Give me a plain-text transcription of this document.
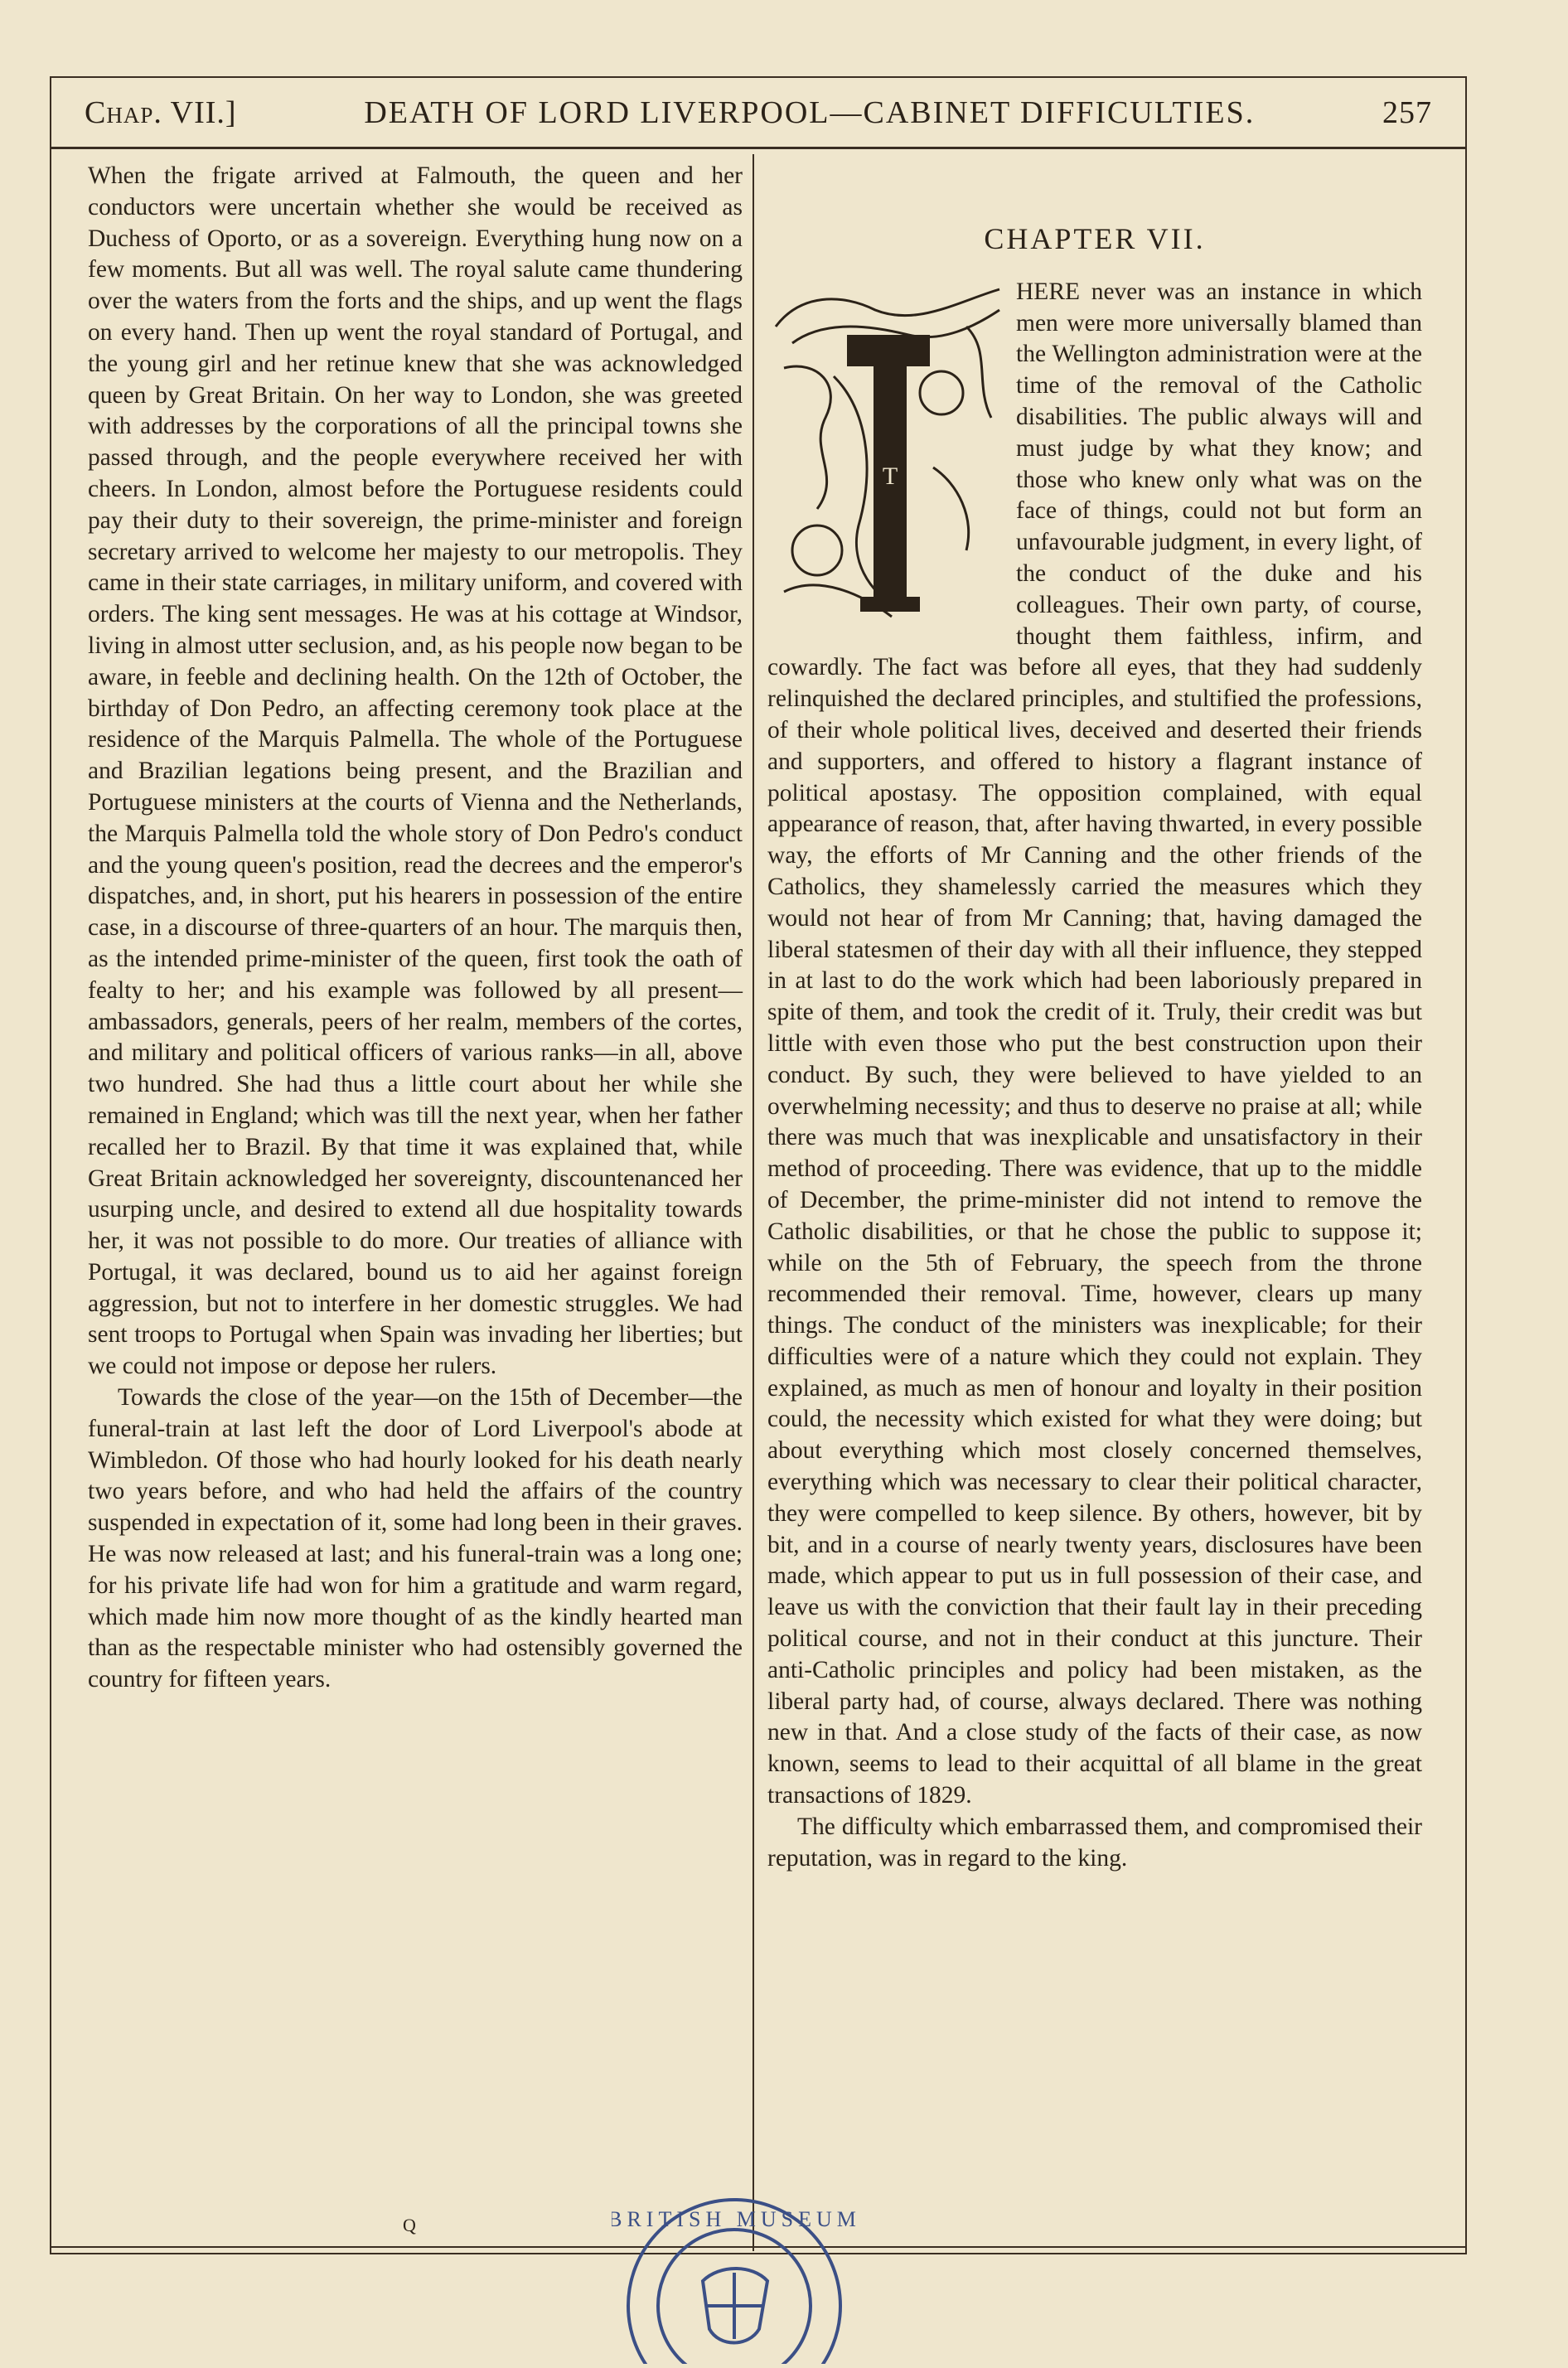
Chap. VII.]	DEATH OF LORD LIVERPOOL—CABINET DIFFICULTIES.	257

When the frigate arrived at Falmouth, the queen and her conductors were uncertain whether she would be received as Duchess of Oporto, or as a sovereign. Everything hung now on a few moments. But all was well. The royal salute came thundering over the waters from the forts and the ships, and up went the flags on every hand. Then up went the royal standard of Portugal, and the young girl and her retinue knew that she was acknowledged queen by Great Britain. On her way to London, she was greeted with addresses by the corporations of all the principal towns she passed through, and the people everywhere received her with cheers. In London, almost before the Portuguese residents could pay their duty to their sovereign, the prime-minister and foreign secretary arrived to welcome her majesty to our metropolis. They came in their state carriages, in military uniform, and covered with orders. The king sent messages. He was at his cottage at Windsor, living in almost utter seclusion, and, as his people now began to be aware, in feeble and declining health. On the 12th of October, the birthday of Don Pedro, an affecting ceremony took place at the residence of the Marquis Palmella. The whole of the Portuguese and Brazilian legations being present, and the Brazilian and Portuguese ministers at the courts of Vienna and the Netherlands, the Marquis Palmella told the whole story of Don Pedro's conduct and the young queen's position, read the decrees and the emperor's dispatches, and, in short, put his hearers in possession of the entire case, in a discourse of three-quarters of an hour. The marquis then, as the intended prime-minister of the queen, first took the oath of fealty to her; and his example was followed by all present—ambassadors, generals, peers of her realm, members of the cortes, and military and political officers of various ranks—in all, above two hundred. She had thus a little court about her while she remained in England; which was till the next year, when her father recalled her to Brazil. By that time it was explained that, while Great Britain acknowledged her sovereignty, discountenanced her usurping uncle, and desired to extend all due hospitality towards her, it was not possible to do more. Our treaties of alliance with Portugal, it was declared, bound us to aid her against foreign aggression, but not to interfere in her domestic struggles. We had sent troops to Portugal when Spain was invading her liberties; but we could not impose or depose her rulers.

Towards the close of the year—on the 15th of December—the funeral-train at last left the door of Lord Liverpool's abode at Wimbledon. Of those who had hourly looked for his death nearly two years before, and who had held the affairs of the country suspended in expectation of it, some had long been in their graves. He was now released at last; and his funeral-train was a long one; for his private life had won for him a gratitude and warm regard, which made him now more thought of as the kindly hearted man than as the respectable minister who had ostensibly governed the country for fifteen years.

CHAPTER VII.
T

HERE never was an instance in which men were more universally blamed than the Wellington administration were at the time of the removal of the Catholic disabilities. The public always will and must judge by what they know; and those who knew only what was on the face of things, could not but form an unfavourable judgment, in every light, of the conduct of the duke and his colleagues. Their own party, of course, thought them faithless, infirm, and cowardly. The fact was before all eyes, that they had suddenly relinquished the declared principles, and stultified the professions, of their whole political lives, deceived and deserted their friends and supporters, and offered to history a flagrant instance of political apostasy. The opposition complained, with equal appearance of reason, that, after having thwarted, in every possible way, the efforts of Mr Canning and the other friends of the Catholics, they shamelessly carried the measures which they would not hear of from Mr Canning; that, having damaged the liberal statesmen of their day with all their influence, they stepped in at last to do the work which had been laboriously prepared in spite of them, and took the credit of it. Truly, their credit was but little with even those who put the best construction upon their conduct. By such, they were believed to have yielded to an overwhelming necessity; and thus to deserve no praise at all; while there was much that was inexplicable and unsatisfactory in their method of proceeding. There was evidence, that up to the middle of December, the prime-minister did not intend to remove the Catholic disabilities, or that he chose the public to suppose it; while on the 5th of February, the speech from the throne recommended their removal. Time, however, clears up many things. The conduct of the ministers was inexplicable; for their difficulties were of a nature which they could not explain. They explained, as much as men of honour and loyalty in their position could, the necessity which existed for what they were doing; but about everything which most closely concerned themselves, everything which was necessary to clear their political character, they were compelled to keep silence. By others, however, bit by bit, and in a course of nearly twenty years, disclosures have been made, which appear to put us in full possession of their case, and leave us with the conviction that their fault lay in their preceding political course, and not in their conduct at this juncture. Their anti-Catholic principles and policy had been mistaken, as the liberal party had, of course, always declared. There was nothing new in that. And a close study of the facts of their case, as now known, seems to lead to their acquittal of all blame in the great transactions of 1829.

The difficulty which embarrassed them, and compromised their reputation, was in regard to the king.

Q	BRITISH MUSEUM
